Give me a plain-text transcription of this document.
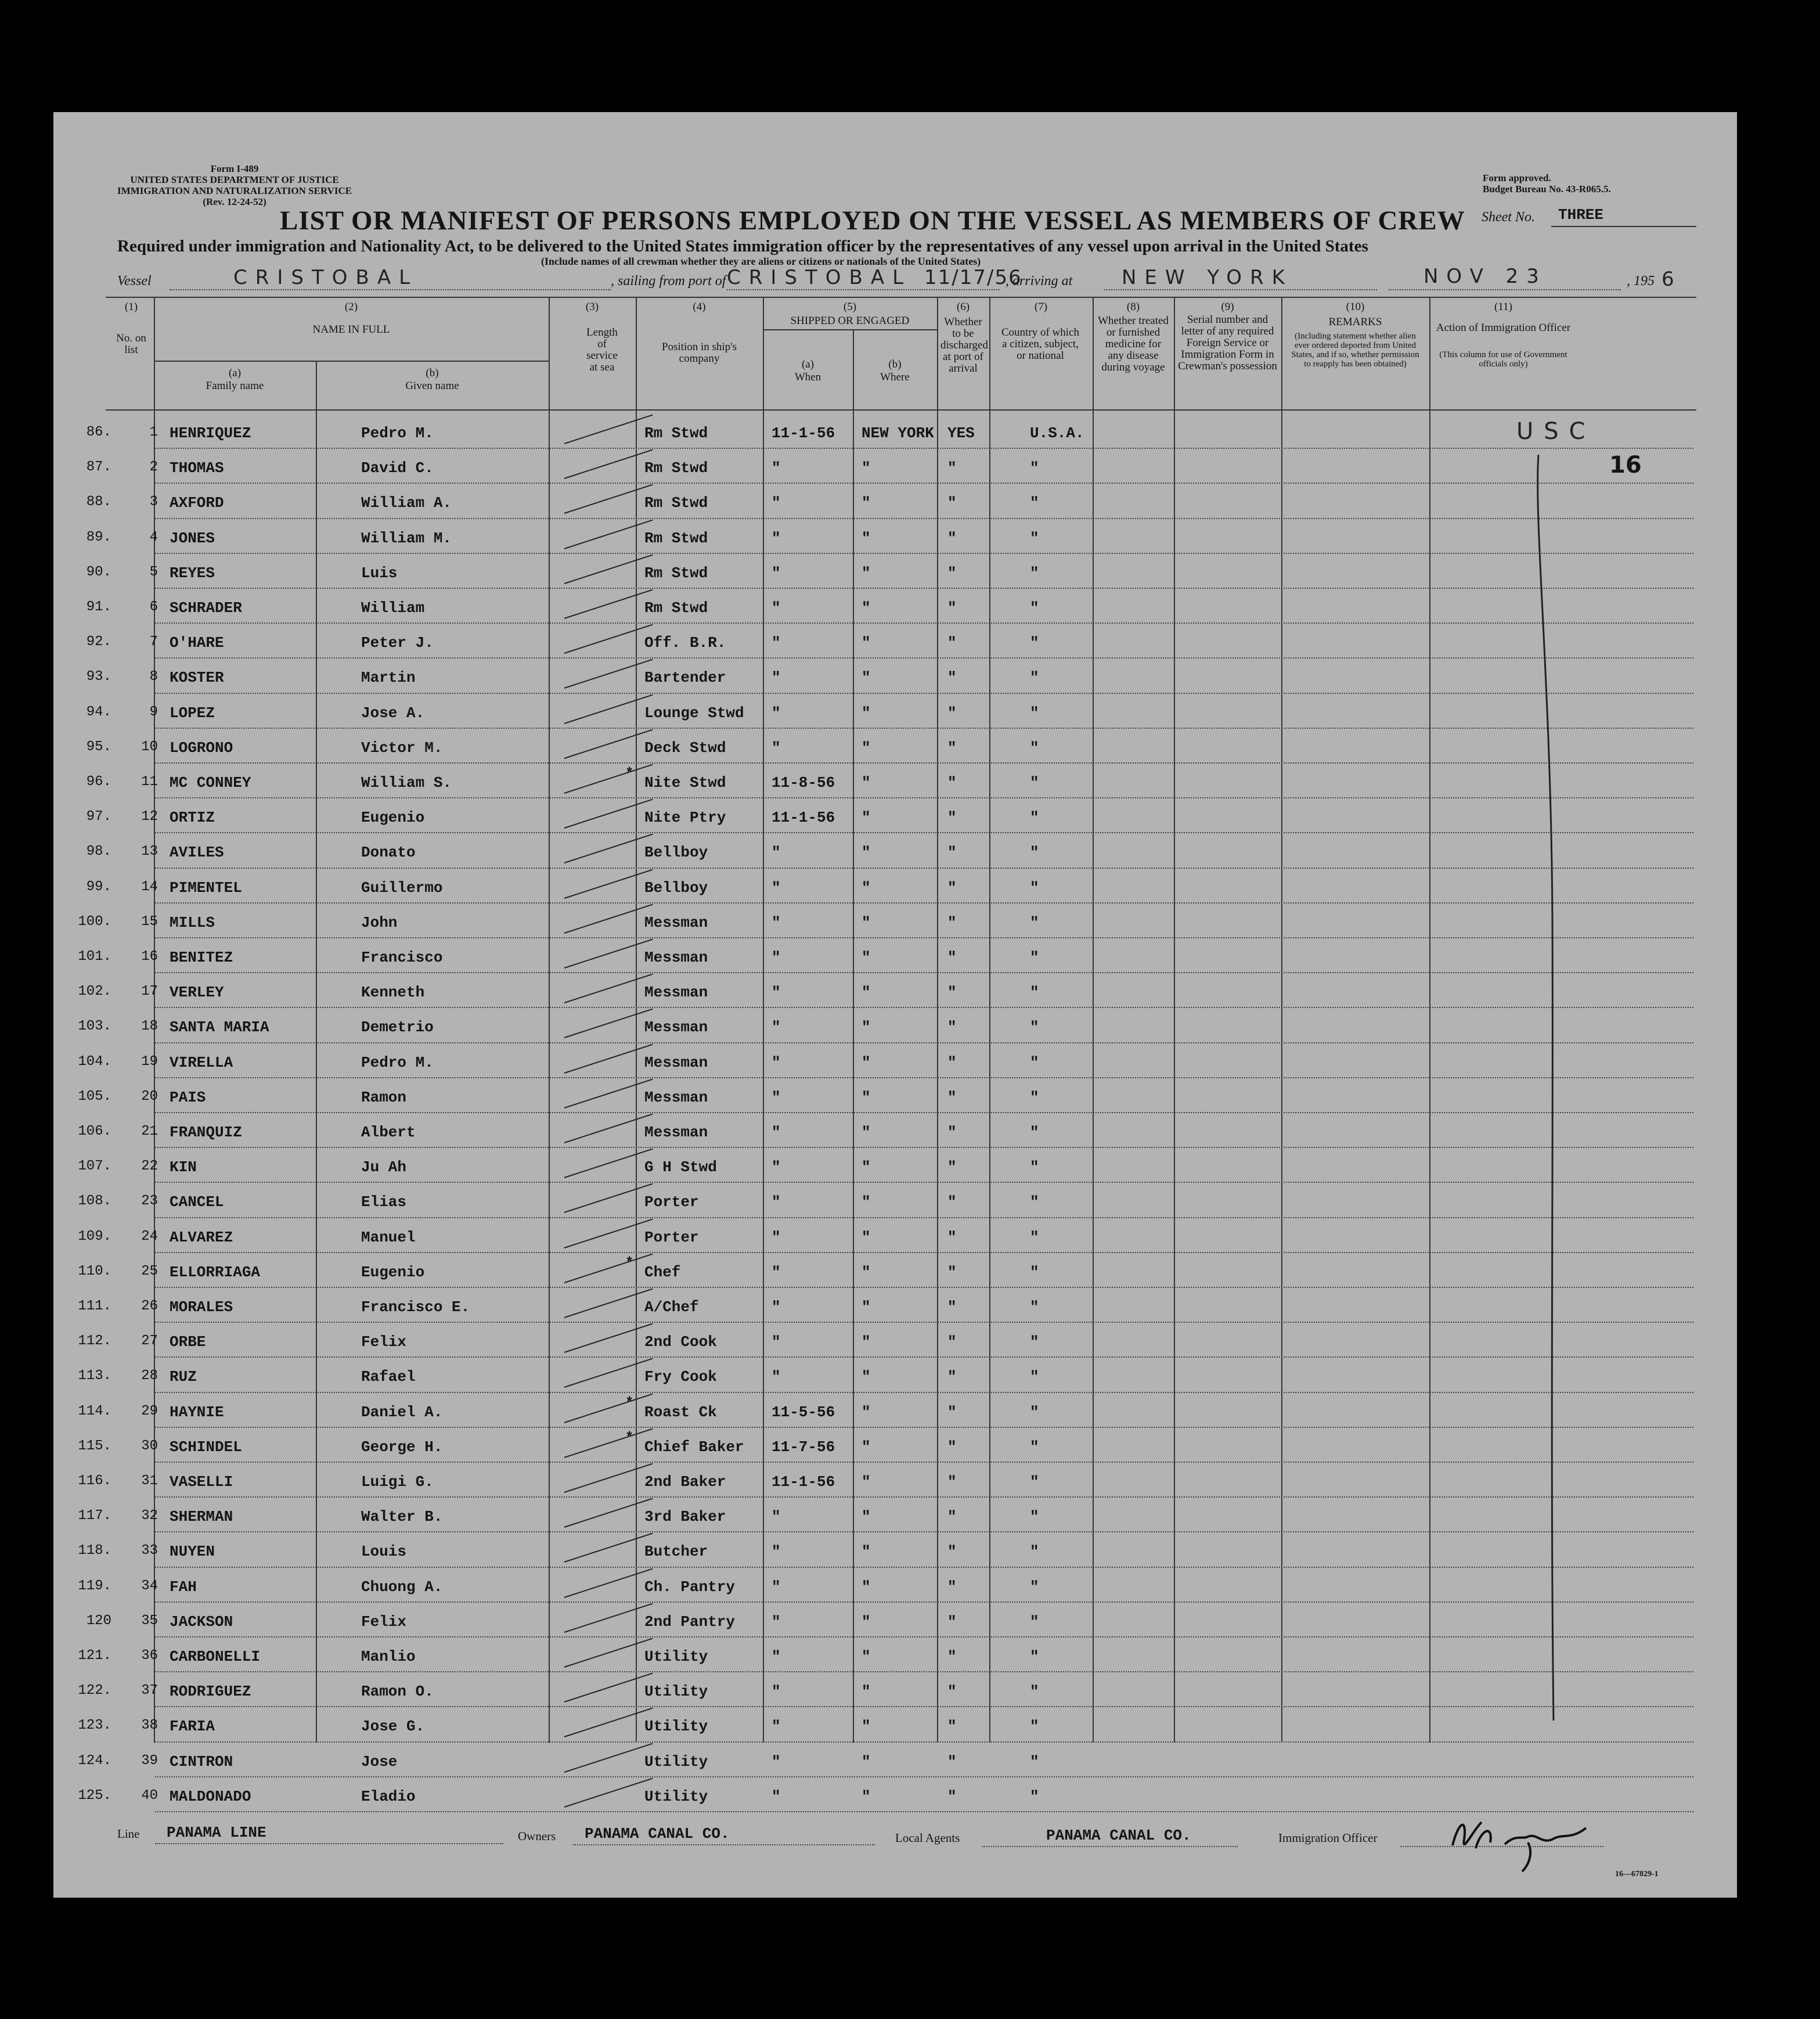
Form I-489
UNITED STATES DEPARTMENT OF JUSTICE
IMMIGRATION AND NATURALIZATION SERVICE
(Rev. 12-24-52)
Form approved.
Budget Bureau No. 43-R065.5.
LIST OR MANIFEST OF PERSONS EMPLOYED ON THE VESSEL AS MEMBERS OF CREW Sheet No. THREE
Required under immigration and Nationality Act, to be delivered to the United States immigration officer by the representatives of any vessel upon arrival in the United States
(Include names of all crewman whether they are aliens or citizens or nationals of the United States)
Vessel	CRISTOBAL	, sailing from port of CRISTOBAL 11/17/56
, arriving at NEW YORK	NOV 23	, 195 6
(1)
No. on list
(2)
NAME IN FULL
(a)
Family name
(b)
Given name
(3)
Length of service at sea
(4)
Position in ship's company
(5)
SHIPPED OR ENGAGED
(a)
When
(b)
Where
(6)
Whether to be discharged at port of arrival
(7)
Country of which a citizen, subject, or national
(8)
Whether treated or furnished medicine for any disease during voyage
(9)
Serial number and letter of any required Foreign Service or Immigration Form in Crewman's possession
(10)
REMARKS
(Including statement whether alien ever ordered deported from United States, and if so, whether permission to reapply has been obtained)
(11)
Action of Immigration Officer
(This column for use of Government officials only)
86.	1 HENRIQUEZ	Pedro M.	Rm Stwd	11-1-56 NEW YORK YES	U.S.A.
87.	2 THOMAS	David C.	Rm Stwd	"	"	"	"
88.	3 AXFORD	William A.	Rm Stwd	"	"	"	"
89.	4 JONES	William M.	Rm Stwd	"	"	"	"
90.	5 REYES	Luis	Rm Stwd	"	"	"	"
91.	6 SCHRADER	William	Rm Stwd	"	"	"	"
92.	7 O'HARE	Peter J.	Off. B.R.	"	"	"	"
93.	8 KOSTER	Martin	Bartender	"	"	"	"
94.	9 LOPEZ	Jose A.	Lounge Stwd "	"	"	"
95.	10 LOGRONO	Victor M.	Deck Stwd	"	"	"	"
96.	11 MC CONNEY	William S.	Nite Stwd	11-8-56 "	"	"
*
97.	12 ORTIZ	Eugenio	Nite Ptry	11-1-56 "	"	"
98.	13 AVILES	Donato	Bellboy	"	"	"	"
99.	14 PIMENTEL	Guillermo	Bellboy	"	"	"	"
100.	15 MILLS	John	Messman	"	"	"	"
101.	16 BENITEZ	Francisco	Messman	"	"	"	"
102.	17 VERLEY	Kenneth	Messman	"	"	"	"
103.	18 SANTA MARIA	Demetrio	Messman	"	"	"	"
104.	19 VIRELLA	Pedro M.	Messman	"	"	"	"
105.	20 PAIS	Ramon	Messman	"	"	"	"
106.	21 FRANQUIZ	Albert	Messman	"	"	"	"
107.	22 KIN	Ju Ah	G H Stwd	"	"	"	"
108.	23 CANCEL	Elias	Porter	"	"	"	"
109.	24 ALVAREZ	Manuel	Porter	"	"	"	"
110.	25 ELLORRIAGA	Eugenio	Chef	"	"	"	"
*
111.	26 MORALES	Francisco E.	A/Chef	"	"	"	"
112.	27 ORBE	Felix	2nd Cook	"	"	"	"
113.	28 RUZ	Rafael	Fry Cook	"	"	"	"
114.	29 HAYNIE	Daniel A.	Roast Ck	11-5-56 "	"	"
*
115.	30 SCHINDEL	George H.	Chief Baker 11-7-56 "	"	"
*
116.	31 VASELLI	Luigi G.	2nd Baker	11-1-56 "	"	"
117.	32 SHERMAN	Walter B.	3rd Baker	"	"	"	"
118.	33 NUYEN	Louis	Butcher	"	"	"	"
119.	34 FAH	Chuong A.	Ch. Pantry "	"	"	"
120	35 JACKSON	Felix	2nd Pantry "	"	"	"
121.	36 CARBONELLI	Manlio	Utility	"	"	"	"
122.	37 RODRIGUEZ	Ramon O.	Utility	"	"	"	"
123.	38 FARIA	Jose G.	Utility	"	"	"	"
124.	39 CINTRON	Jose	Utility	"	"	"	"
125.	40 MALDONADO	Eladio	Utility	"	"	"	"
USC
16
Line PANAMA LINE	Owners PANAMA CANAL CO.	Local Agents	PANAMA CANAL CO.	Immigration Officer
16—67829-1
